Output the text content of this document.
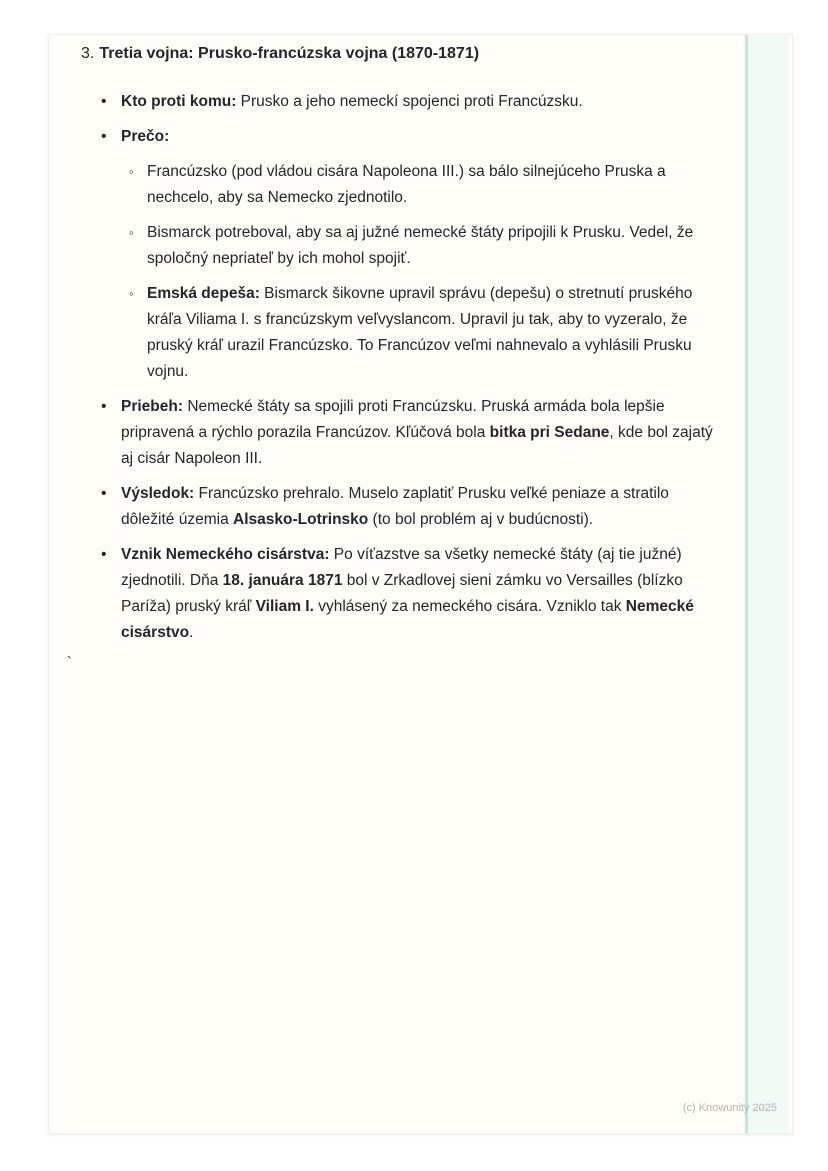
3. Tretia vojna: Prusko-francúzska vojna (1870-1871)
• Kto proti komu: Prusko a jeho nemeckí spojenci proti Francúzsku.
• Prečo:
◦ Francúzsko (pod vládou cisára Napoleona III.) sa bálo silnejúceho Pruska a nechcelo, aby sa Nemecko zjednotilo.
◦ Bismarck potreboval, aby sa aj južné nemecké štáty pripojili k Prusku. Vedel, že spoločný nepriateľ by ich mohol spojiť.
◦ Emská depeša: Bismarck šikovne upravil správu (depešu) o stretnutí pruského kráľa Viliama I. s francúzskym veľvyslancom. Upravil ju tak, aby to vyzeralo, že pruský kráľ urazil Francúzsko. To Francúzov veľmi nahnevalo a vyhlásili Prusku vojnu.
• Priebeh: Nemecké štáty sa spojili proti Francúzsku. Pruská armáda bola lepšie pripravená a rýchlo porazila Francúzov. Kľúčová bola bitka pri Sedane, kde bol zajatý aj cisár Napoleon III.
• Výsledok: Francúzsko prehralo. Muselo zaplatiť Prusku veľké peniaze a stratilo dôležité územia Alsasko-Lotrinsko (to bol problém aj v budúcnosti).
• Vznik Nemeckého cisárstva: Po víťazstve sa všetky nemecké štáty (aj tie južné) zjednotili. Dňa 18. januára 1871 bol v Zrkadlovej sieni zámku vo Versailles (blízko Paríža) pruský kráľ Viliam I. vyhlásený za nemeckého cisára. Vzniklo tak Nemecké cisárstvo.
`
(c) Knowunity 2025
